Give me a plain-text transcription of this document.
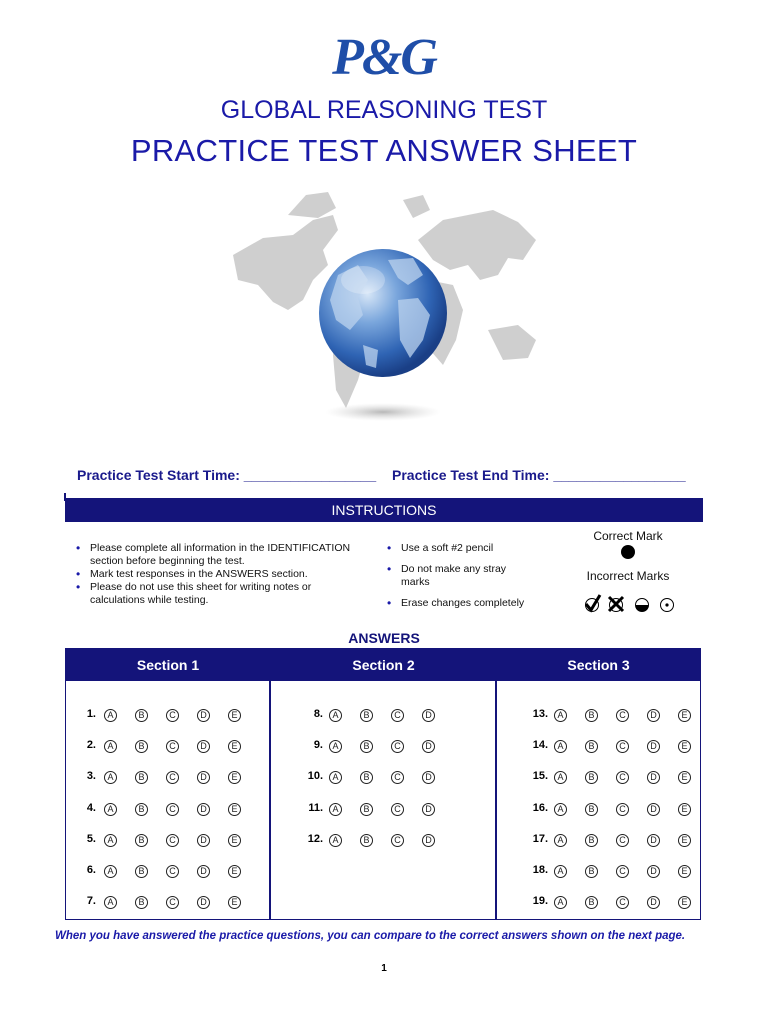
P&G
GLOBAL REASONING TEST
PRACTICE TEST ANSWER SHEET
Practice Test Start Time: _________________ Practice Test End Time: _________________
INSTRUCTIONS
• Please complete all information in the IDENTIFICATION section before beginning the test.
• Mark test responses in the ANSWERS section.
• Please do not use this sheet for writing notes or calculations while testing.
• Use a soft #2 pencil
• Do not make any stray marks
• Erase changes completely
Correct Mark
Incorrect Marks
ANSWERS
Section 1	Section 2	Section 3
1.	A	B	C	D	E
2.	A	B	C	D	E
3.	A	B	C	D	E
4.	A	B	C	D	E
5.	A	B	C	D	E
6.	A	B	C	D	E
7.	A	B	C	D	E
8.	A	B	C	D
9.	A	B	C	D
10.	A	B	C	D
11.	A	B	C	D
12.	A	B	C	D
13.	A	B	C	D	E
14.	A	B	C	D	E
15.	A	B	C	D	E
16.	A	B	C	D	E
17.	A	B	C	D	E
18.	A	B	C	D	E
19.	A	B	C	D	E
When you have answered the practice questions, you can compare to the correct answers shown on the next page.
1
